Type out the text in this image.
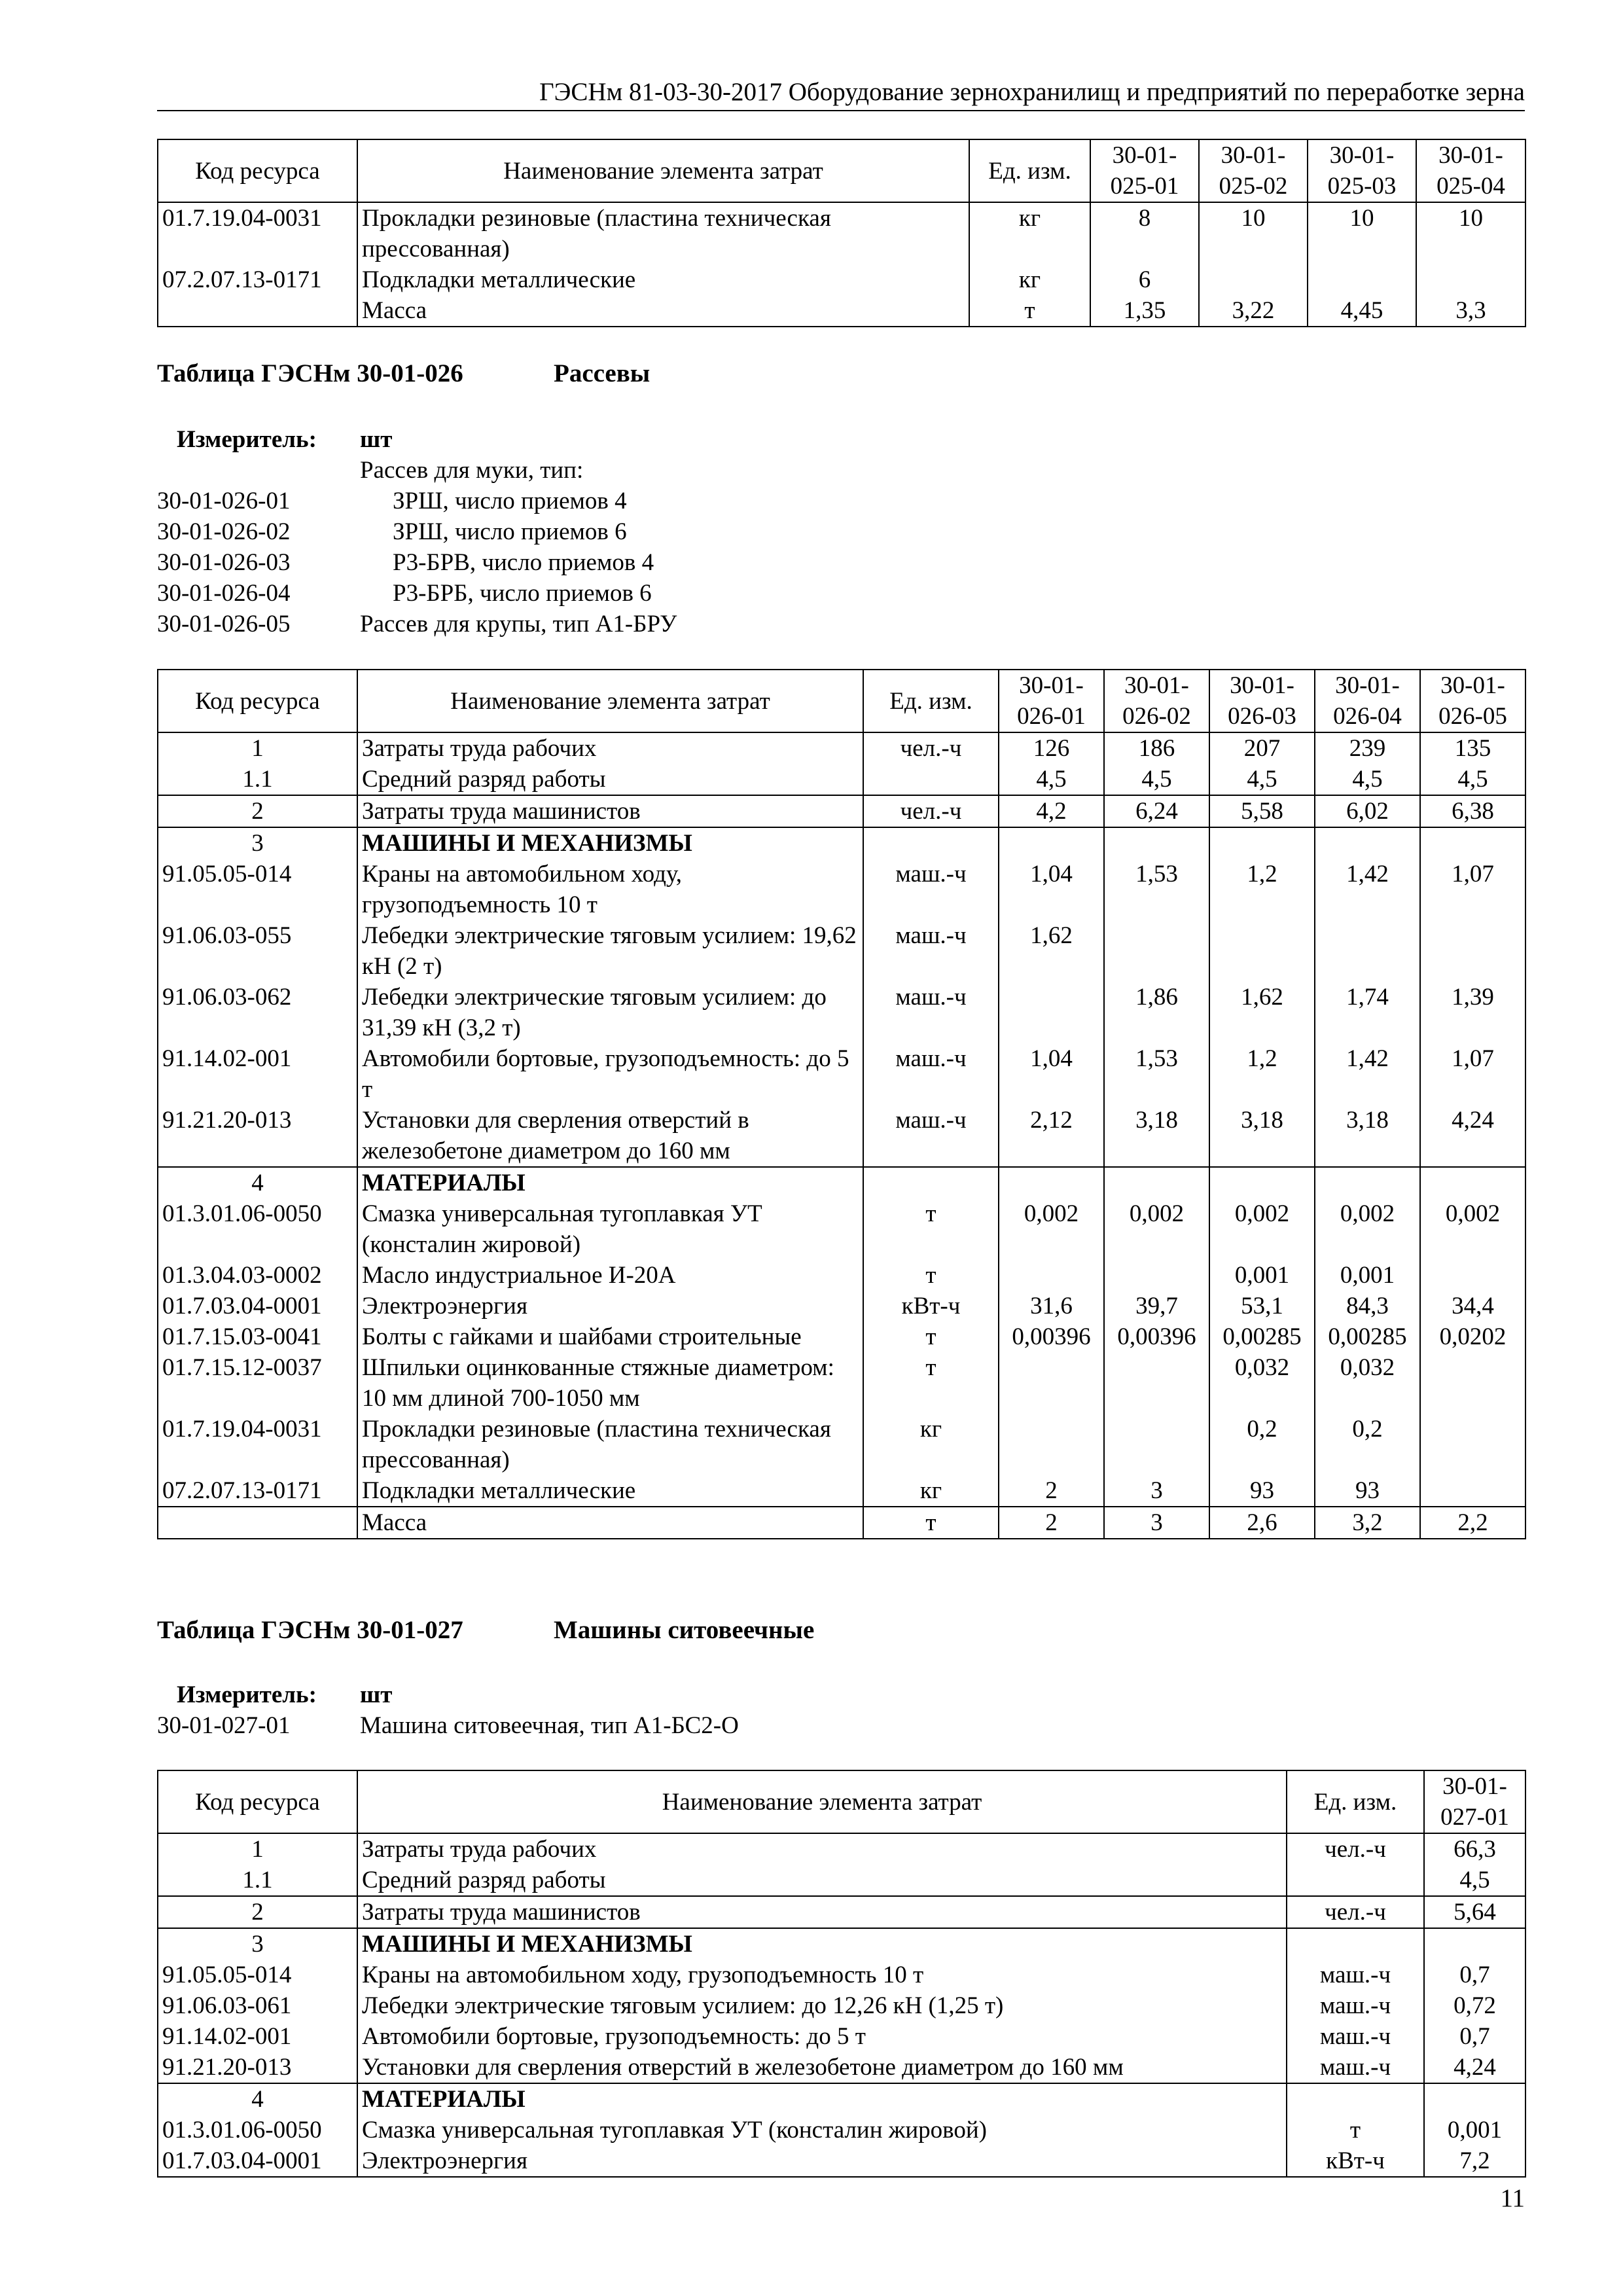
ГЭСНм 81-03-30-2017 Оборудование зернохранилищ и предприятий по переработке зерна
Код ресурса	Наименование элемента затрат	Ед. изм.	30-01-025-01	30-01-025-02	30-01-025-03	30-01-025-04
01.7.19.04-0031	Прокладки резиновые (пластина техническая прессованная)	кг	8	10	10	10
07.2.07.13-0171	Подкладки металлические	кг	6			
	Масса	т	1,35	3,22	4,45	3,3
Таблица ГЭСНм 30-01-026	Рассевы
Измеритель:	шт
Рассев для муки, тип:
30-01-026-01	ЗРШ, число приемов 4
30-01-026-02	ЗРШ, число приемов 6
30-01-026-03	Р3-БРВ, число приемов 4
30-01-026-04	Р3-БРБ, число приемов 6
30-01-026-05	Рассев для крупы, тип А1-БРУ
Код ресурса	Наименование элемента затрат	Ед. изм.	30-01-026-01	30-01-026-02	30-01-026-03	30-01-026-04	30-01-026-05
1	Затраты труда рабочих	чел.-ч	126	186	207	239	135
1.1	Средний разряд работы		4,5	4,5	4,5	4,5	4,5
2	Затраты труда машинистов	чел.-ч	4,2	6,24	5,58	6,02	6,38
3	МАШИНЫ И МЕХАНИЗМЫ						
91.05.05-014	Краны на автомобильном ходу, грузоподъемность 10 т	маш.-ч	1,04	1,53	1,2	1,42	1,07
91.06.03-055	Лебедки электрические тяговым усилием: 19,62 кН (2 т)	маш.-ч	1,62				
91.06.03-062	Лебедки электрические тяговым усилием: до 31,39 кН (3,2 т)	маш.-ч		1,86	1,62	1,74	1,39
91.14.02-001	Автомобили бортовые, грузоподъемность: до 5 т	маш.-ч	1,04	1,53	1,2	1,42	1,07
91.21.20-013	Установки для сверления отверстий в железобетоне диаметром до 160 мм	маш.-ч	2,12	3,18	3,18	3,18	4,24
4	МАТЕРИАЛЫ						
01.3.01.06-0050	Смазка универсальная тугоплавкая УТ (консталин жировой)	т	0,002	0,002	0,002	0,002	0,002
01.3.04.03-0002	Масло индустриальное И-20А	т			0,001	0,001	
01.7.03.04-0001	Электроэнергия	кВт-ч	31,6	39,7	53,1	84,3	34,4
01.7.15.03-0041	Болты с гайками и шайбами строительные	т	0,00396	0,00396	0,00285	0,00285	0,0202
01.7.15.12-0037	Шпильки оцинкованные стяжные диаметром: 10 мм длиной 700-1050 мм	т			0,032	0,032	
01.7.19.04-0031	Прокладки резиновые (пластина техническая прессованная)	кг			0,2	0,2	
07.2.07.13-0171	Подкладки металлические	кг	2	3	93	93	
	Масса	т	2	3	2,6	3,2	2,2
Таблица ГЭСНм 30-01-027	Машины ситовеечные
Измеритель:	шт
30-01-027-01	Машина ситовеечная, тип А1-БС2-О
Код ресурса	Наименование элемента затрат	Ед. изм.	30-01-027-01
1	Затраты труда рабочих	чел.-ч	66,3
1.1	Средний разряд работы		4,5
2	Затраты труда машинистов	чел.-ч	5,64
3	МАШИНЫ И МЕХАНИЗМЫ		
91.05.05-014	Краны на автомобильном ходу, грузоподъемность 10 т	маш.-ч	0,7
91.06.03-061	Лебедки электрические тяговым усилием: до 12,26 кН (1,25 т)	маш.-ч	0,72
91.14.02-001	Автомобили бортовые, грузоподъемность: до 5 т	маш.-ч	0,7
91.21.20-013	Установки для сверления отверстий в железобетоне диаметром до 160 мм	маш.-ч	4,24
4	МАТЕРИАЛЫ		
01.3.01.06-0050	Смазка универсальная тугоплавкая УТ (консталин жировой)	т	0,001
01.7.03.04-0001	Электроэнергия	кВт-ч	7,2
11
